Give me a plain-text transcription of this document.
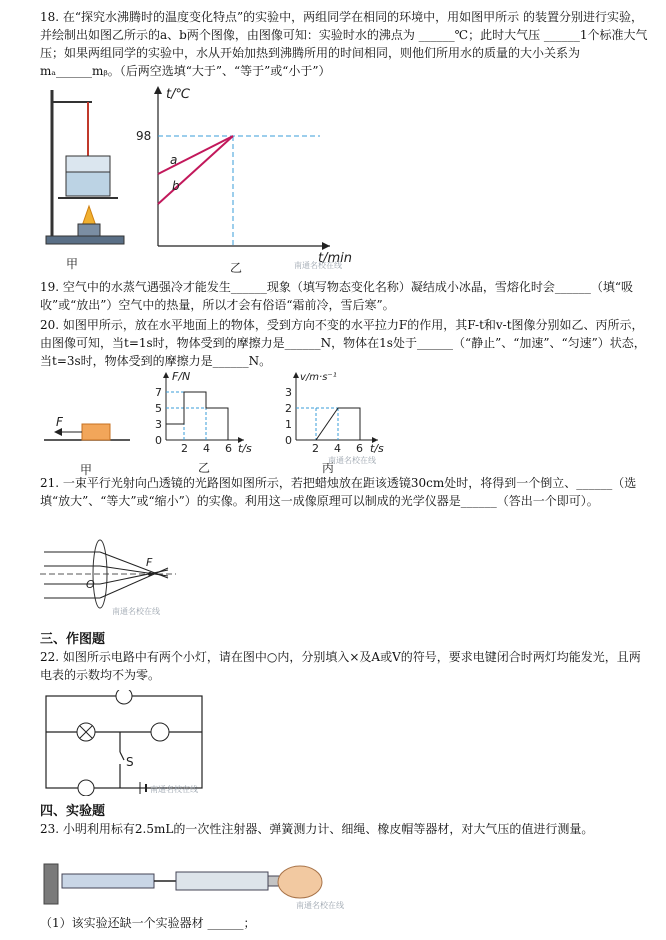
18. 在“探究水沸腾时的温度变化特点”的实验中，两组同学在相同的环境中，用如图甲所示 的装置分别进行实验，并绘制出如图乙所示的a、b两个图像，由图像可知：实验时水的沸点为 ______℃；此时大气压 ______1个标准大气压；如果两组同学的实验中，水从开始加热到沸腾所用的时间相同，则他们所用水的质量的大小关系为mₐ______mᵦ。（后两空选填“大于”、“等于”或“小于”）

甲
t/℃
98
a
b
t/min
乙	南通名校在线

19. 空气中的水蒸气遇强冷才能发生______现象（填写物态变化名称）凝结成小冰晶，雪熔化时会______（填“吸收”或“放出”）空气中的热量，所以才会有俗语“霜前冷，雪后寒”。

20. 如图甲所示，放在水平地面上的物体，受到方向不变的水平拉力F的作用，其F-t和v-t图像分别如乙、丙所示，由图像可知，当t=1s时，物体受到的摩擦力是______N，物体在1s处于______（“静止”、“加速”、“匀速”）状态，当t=3s时，物体受到的摩擦力是______N。

F
甲
F/N
7
5
3
0
2 4 6 t/s
乙
v/m·s⁻¹
3
2
1
0
2 4 6 t/s
丙
南通名校在线

21. 一束平行光射向凸透镜的光路图如图所示，若把蜡烛放在距该透镜30cm处时，将得到一个倒立、______（选填“放大”、“等大”或“缩小”）的实像。利用这一成像原理可以制成的光学仪器是______（答出一个即可）。

F
O
南通名校在线
三、作图题

22. 如图所示电路中有两个小灯，请在图中○内，分别填入×及A或V的符号，要求电键闭合时两灯均能发光，且两电表的示数均不为零。

S
南通名校在线
四、实验题

23. 小明利用标有2.5mL的一次性注射器、弹簧测力计、细绳、橡皮帽等器材，对大气压的值进行测量。

南通名校在线

（1）该实验还缺一个实验器材 ______；
